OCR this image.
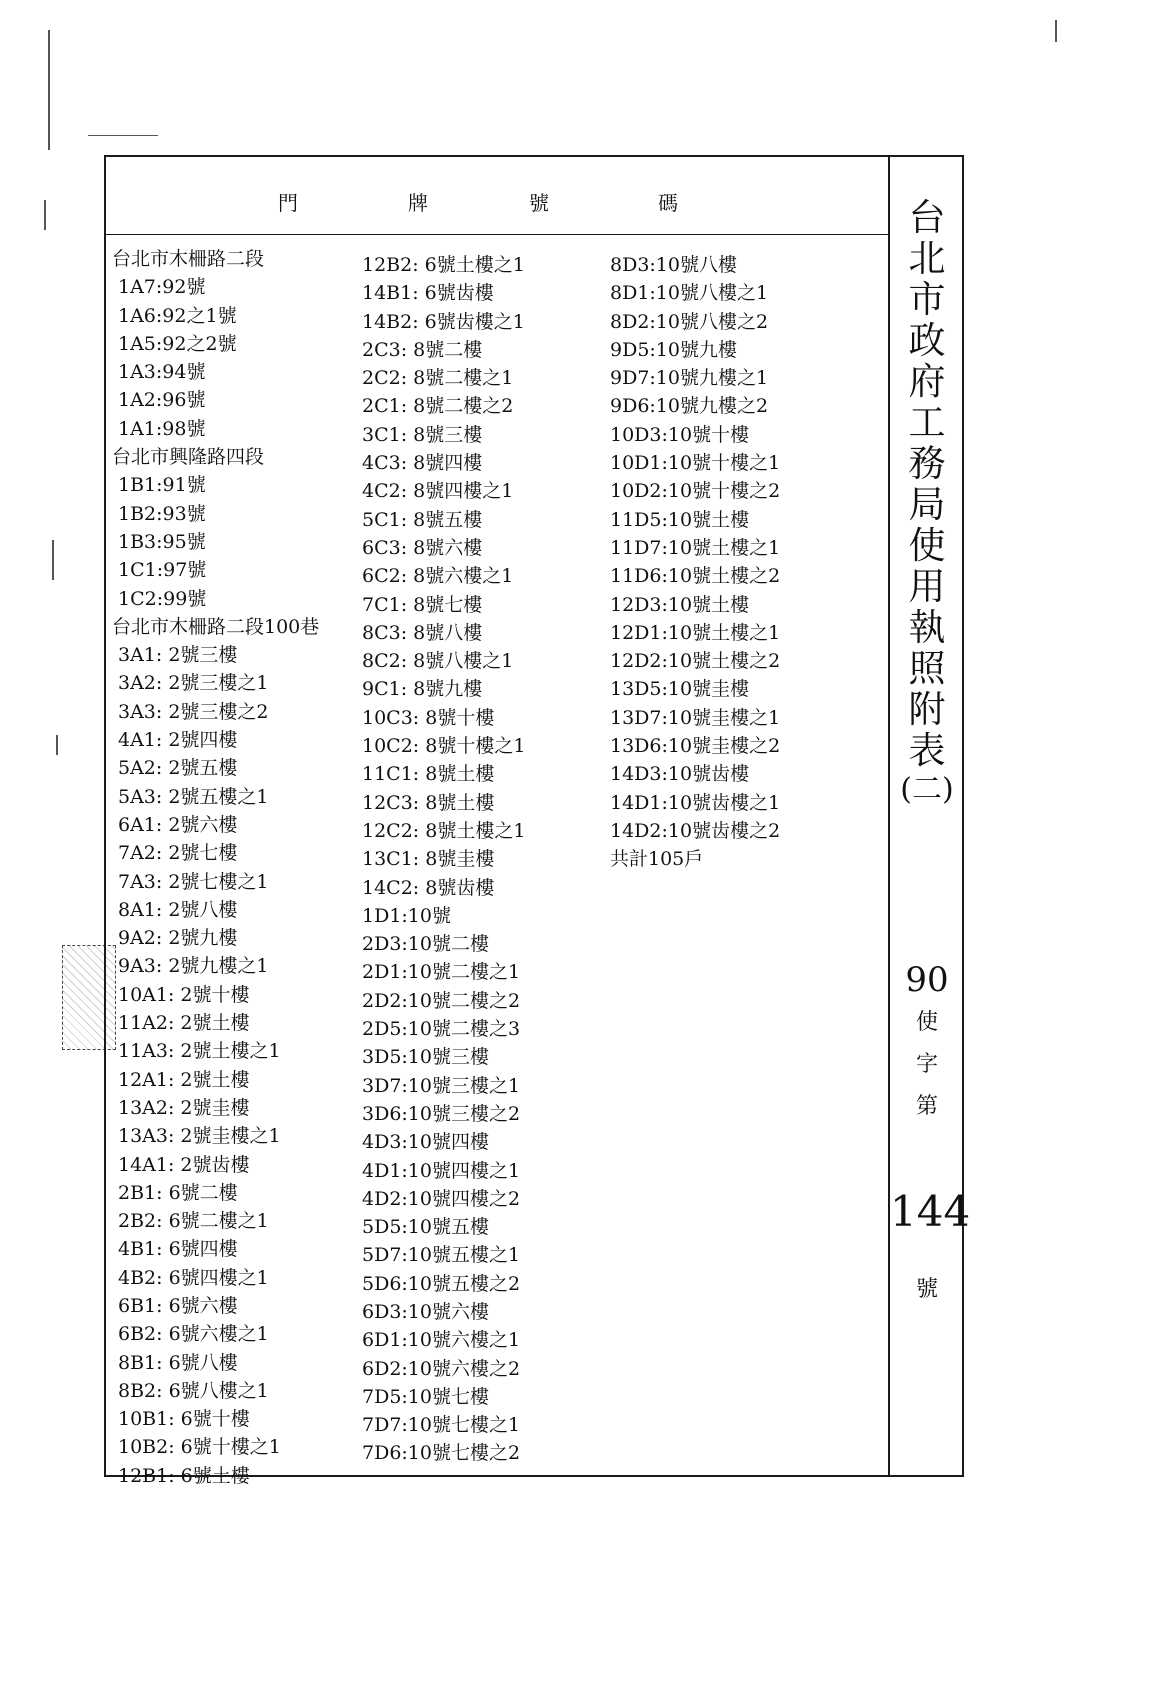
門	牌	號	碼
台北市木柵路二段
1A7:92號
1A6:92之1號
1A5:92之2號
1A3:94號
1A2:96號
1A1:98號
台北市興隆路四段
1B1:91號
1B2:93號
1B3:95號
1C1:97號
1C2:99號
台北市木柵路二段100巷
3A1: 2號三樓
3A2: 2號三樓之1
3A3: 2號三樓之2
4A1: 2號四樓
5A2: 2號五樓
5A3: 2號五樓之1
6A1: 2號六樓
7A2: 2號七樓
7A3: 2號七樓之1
8A1: 2號八樓
9A2: 2號九樓
9A3: 2號九樓之1
10A1: 2號十樓
11A2: 2號土樓
11A3: 2號土樓之1
12A1: 2號土樓
13A2: 2號圭樓
13A3: 2號圭樓之1
14A1: 2號齿樓
2B1: 6號二樓
2B2: 6號二樓之1
4B1: 6號四樓
4B2: 6號四樓之1
6B1: 6號六樓
6B2: 6號六樓之1
8B1: 6號八樓
8B2: 6號八樓之1
10B1: 6號十樓
10B2: 6號十樓之1
12B1: 6號土樓
12B2: 6號土樓之1
14B1: 6號齿樓
14B2: 6號齿樓之1
2C3: 8號二樓
2C2: 8號二樓之1
2C1: 8號二樓之2
3C1: 8號三樓
4C3: 8號四樓
4C2: 8號四樓之1
5C1: 8號五樓
6C3: 8號六樓
6C2: 8號六樓之1
7C1: 8號七樓
8C3: 8號八樓
8C2: 8號八樓之1
9C1: 8號九樓
10C3: 8號十樓
10C2: 8號十樓之1
11C1: 8號土樓
12C3: 8號土樓
12C2: 8號土樓之1
13C1: 8號圭樓
14C2: 8號齿樓
1D1:10號
2D3:10號二樓
2D1:10號二樓之1
2D2:10號二樓之2
2D5:10號二樓之3
3D5:10號三樓
3D7:10號三樓之1
3D6:10號三樓之2
4D3:10號四樓
4D1:10號四樓之1
4D2:10號四樓之2
5D5:10號五樓
5D7:10號五樓之1
5D6:10號五樓之2
6D3:10號六樓
6D1:10號六樓之1
6D2:10號六樓之2
7D5:10號七樓
7D7:10號七樓之1
7D6:10號七樓之2
8D3:10號八樓
8D1:10號八樓之1
8D2:10號八樓之2
9D5:10號九樓
9D7:10號九樓之1
9D6:10號九樓之2
10D3:10號十樓
10D1:10號十樓之1
10D2:10號十樓之2
11D5:10號土樓
11D7:10號土樓之1
11D6:10號土樓之2
12D3:10號土樓
12D1:10號土樓之1
12D2:10號土樓之2
13D5:10號圭樓
13D7:10號圭樓之1
13D6:10號圭樓之2
14D3:10號齿樓
14D1:10號齿樓之1
14D2:10號齿樓之2
共計105戶
台
北
市
政
府
工
務
局
使
用
執
照
附
表
(二)
90
使
字
第
144
號
